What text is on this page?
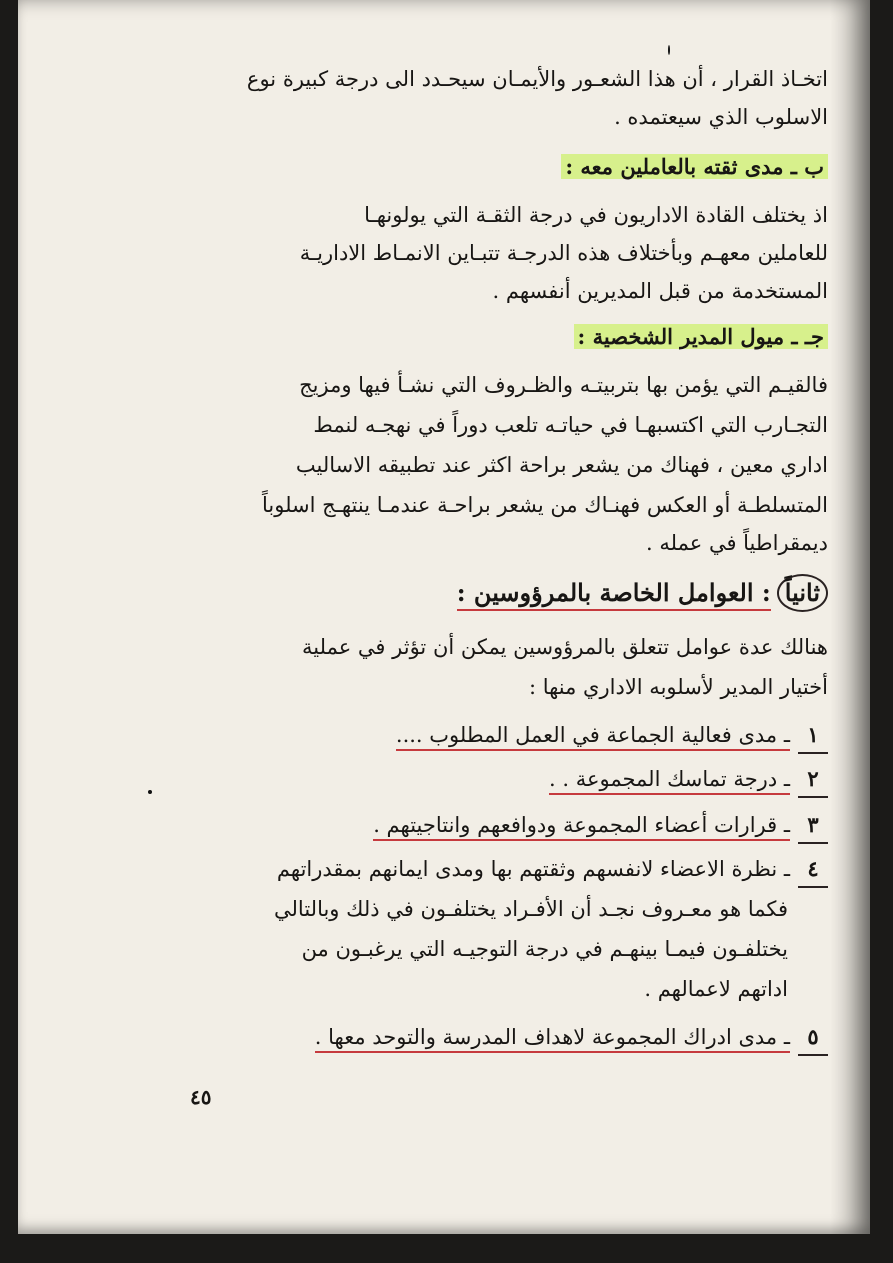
اتخـاذ القرار ، أن هذا الشعـور والأيمـان سيحـدد الى درجة كبيرة نوع
الاسلوب الذي سيعتمده .
ب ـ مدى ثقته بالعاملين معه :
اذ يختلف القادة الاداريون في درجة الثقـة التي يولونهـا
للعاملين معهـم وبأختلاف هذه الدرجـة تتبـاين الانمـاط الاداريـة
المستخدمة من قبل المديرين أنفسهم .
جـ ـ ميول المدير الشخصية :
فالقيـم التي يؤمن بها بتربيتـه والظـروف التي نشـأ فيها ومزيج
التجـارب التي اكتسبهـا في حياتـه تلعب دوراً في نهجـه لنمط
اداري معين ، فهناك من يشعر براحة اكثر عند تطبيقه الاساليب
المتسلطـة أو العكس فهنـاك من يشعر براحـة عندمـا ينتهـج اسلوباً
ديمقراطياً في عمله .
ثانياً: العوامل الخاصة بالمرؤوسين :
هنالك عدة عوامل تتعلق بالمرؤوسين يمكن أن تؤثر في عملية
أختيار المدير لأسلوبه الاداري منها :
١ـ مدى فعالية الجماعة في العمل المطلوب ....
٢ـ درجة تماسك المجموعة . .
٣ـ قرارات أعضاء المجموعة ودوافعهم وانتاجيتهم .
٤ـ نظرة الاعضاء لانفسهم وثقتهم بها ومدى ايمانهم بمقدراتهم
فكما هو معـروف نجـد أن الأفـراد يختلفـون في ذلك وبالتالي
يختلفـون فيمـا بينهـم في درجة التوجيـه التي يرغبـون من
اداتهم لاعمالهم .
٥ـ مدى ادراك المجموعة لاهداف المدرسة والتوحد معها .
٤٥
